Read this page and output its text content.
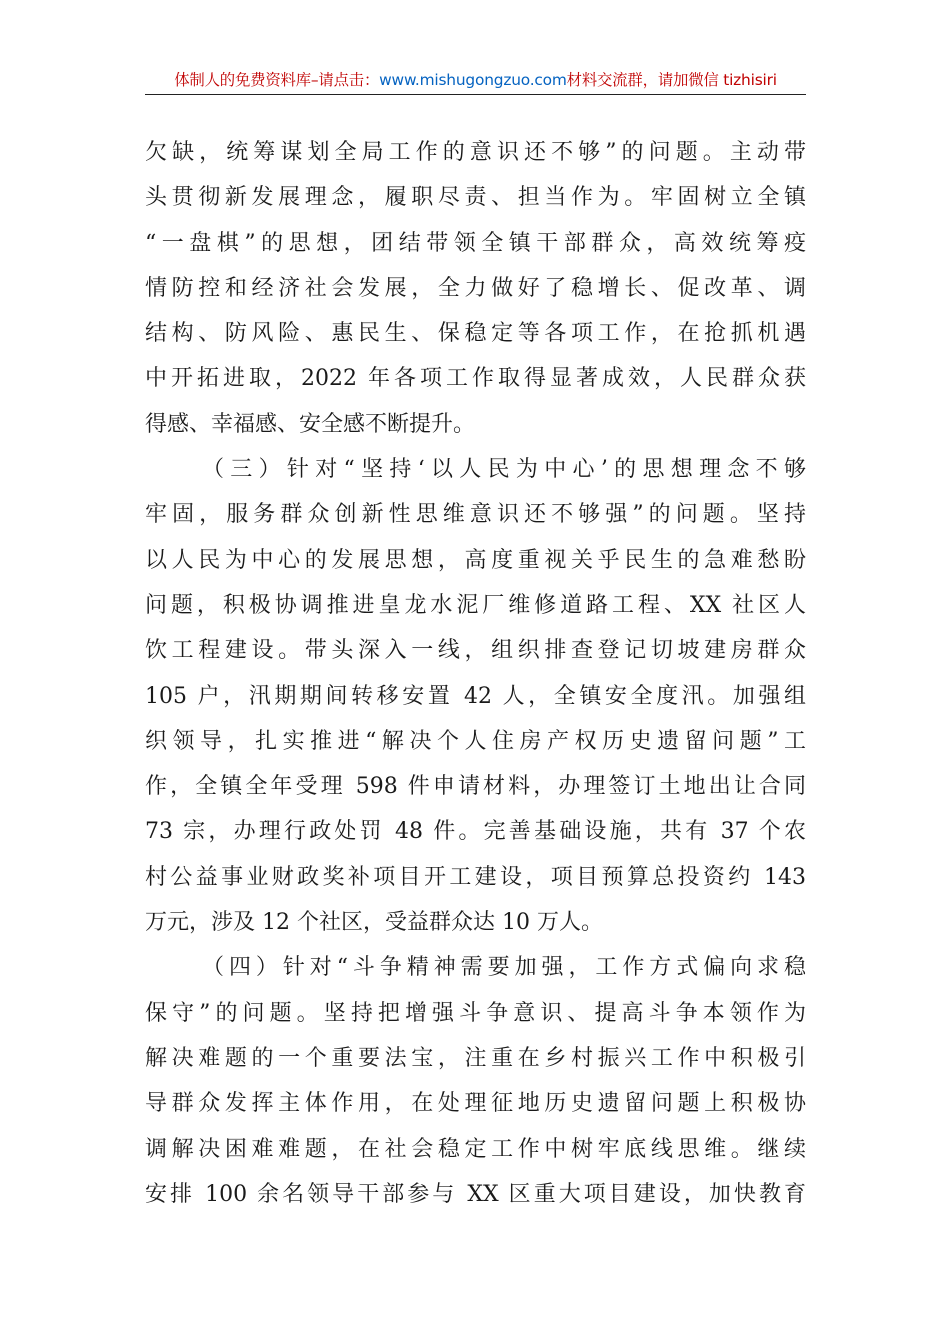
体制人的免费资料库–请点击：www.mishugongzuo.com材料交流群，请加微信 tizhisiri
欠缺，统筹谋划全局工作的意识还不够”的问题。主动带
头贯彻新发展理念，履职尽责、担当作为。牢固树立全镇
“一盘棋”的思想，团结带领全镇干部群众，高效统筹疫
情防控和经济社会发展，全力做好了稳增长、促改革、调
结构、防风险、惠民生、保稳定等各项工作，在抢抓机遇
中开拓进取，2022 年各项工作取得显著成效，人民群众获
得感、幸福感、安全感不断提升。
（三）针对“坚持‘以人民为中心’的思想理念不够
牢固，服务群众创新性思维意识还不够强”的问题。坚持
以人民为中心的发展思想，高度重视关乎民生的急难愁盼
问题，积极协调推进皇龙水泥厂维修道路工程、XX 社区人
饮工程建设。带头深入一线，组织排查登记切坡建房群众
105 户，汛期期间转移安置 42 人，全镇安全度汛。加强组
织领导，扎实推进“解决个人住房产权历史遗留问题”工
作，全镇全年受理 598 件申请材料，办理签订土地出让合同
73 宗，办理行政处罚 48 件。完善基础设施，共有 37 个农
村公益事业财政奖补项目开工建设，项目预算总投资约 143
万元，涉及 12 个社区，受益群众达 10 万人。
（四）针对“斗争精神需要加强，工作方式偏向求稳
保守”的问题。坚持把增强斗争意识、提高斗争本领作为
解决难题的一个重要法宝，注重在乡村振兴工作中积极引
导群众发挥主体作用，在处理征地历史遗留问题上积极协
调解决困难难题，在社会稳定工作中树牢底线思维。继续
安排 100 余名领导干部参与 XX 区重大项目建设，加快教育
